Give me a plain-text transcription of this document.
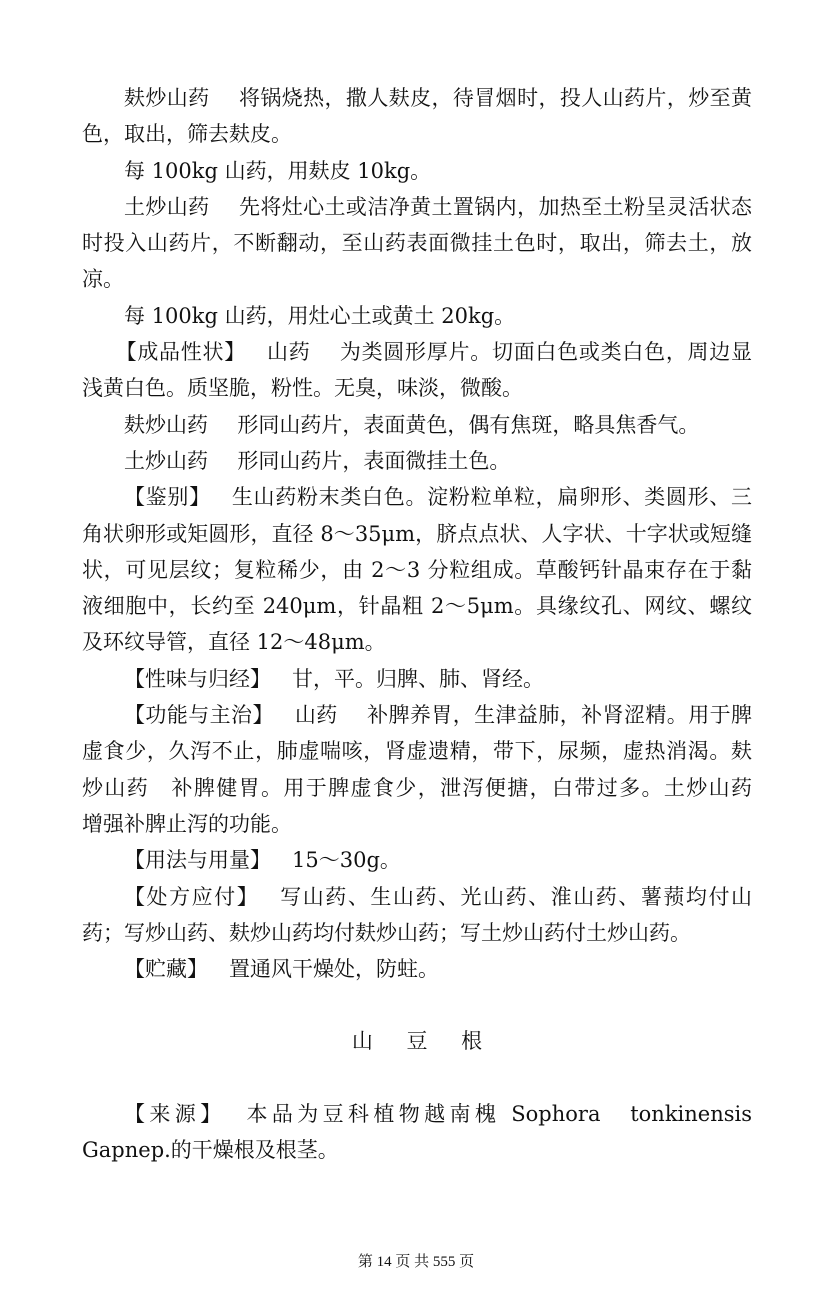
麸炒山药 将锅烧热，撒人麸皮，待冒烟时，投人山药片，炒至黄色，取出，筛去麸皮。

每 100kg 山药，用麸皮 10kg。

土炒山药 先将灶心土或洁净黄土置锅内，加热至土粉呈灵活状态时投入山药片，不断翻动，至山药表面微挂土色时，取出，筛去土，放凉。

每 100kg 山药，用灶心土或黄土 20kg。

【成品性状】 山药 为类圆形厚片。切面白色或类白色，周边显浅黄白色。质坚脆，粉性。无臭，味淡，微酸。

麸炒山药 形同山药片，表面黄色，偶有焦斑，略具焦香气。

土炒山药 形同山药片，表面微挂土色。

【鉴别】 生山药粉末类白色。淀粉粒单粒，扁卵形、类圆形、三角状卵形或矩圆形，直径 8～35μm，脐点点状、人字状、十字状或短缝状，可见层纹；复粒稀少，由 2～3 分粒组成。草酸钙针晶束存在于黏液细胞中，长约至 240μm，针晶粗 2～5μm。具缘纹孔、网纹、螺纹及环纹导管，直径 12～48μm。

【性味与归经】 甘，平。归脾、肺、肾经。

【功能与主治】 山药 补脾养胃，生津益肺，补肾涩精。用于脾虚食少，久泻不止，肺虚喘咳，肾虚遗精，带下，尿频，虚热消渴。麸炒山药　补脾健胃。用于脾虚食少，泄泻便搪，白带过多。土炒山药　增强补脾止泻的功能。

【用法与用量】 15～30g。

【处方应付】 写山药、生山药、光山药、淮山药、薯蓣均付山药；写炒山药、麸炒山药均付麸炒山药；写土炒山药付土炒山药。

【贮藏】 置通风干燥处，防蛀。

山豆根

【来源】 本品为豆科植物越南槐 Sophora　tonkinensis Gapnep.的干燥根及根茎。

第 14 页 共 555 页
